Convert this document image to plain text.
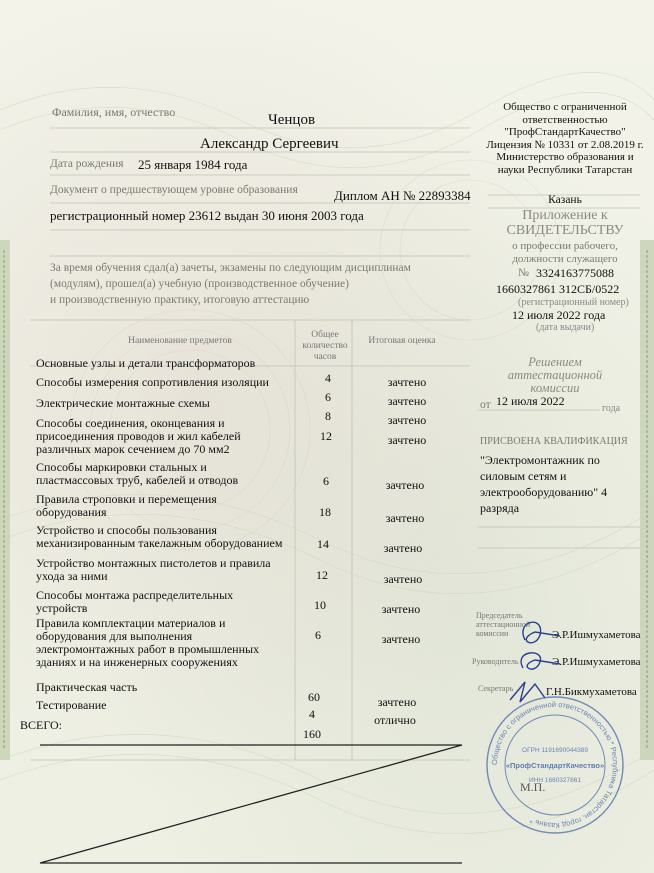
Фамилия, имя, отчество	Ченцов
Александр Сергеевич
Дата рождения 25 января 1984 года
Документ о предшествующем уровне образования	Диплом АН № 22893384
регистрационный номер 23612 выдан 30 июня 2003 года
За время обучения сдал(а) зачеты, экзамены по следующим дисциплинам
(модулям), прошел(а) учебную (производственное обучение)
и производственную практику, итоговую аттестацию
Наименование предметов
Общее количество часов
Итоговая оценка
Основные узлы и детали трансформаторов
4	зачтено
Способы измерения сопротивления изоляции
6	зачтено
Электрические монтажные схемы
8	зачтено
Способы соединения, оконцевания и
присоединения проводов и жил кабелей
различных марок сечением до 70 мм2
12	зачтено
Способы маркировки стальных и
пластмассовых труб, кабелей и отводов	6	зачтено
Правила строповки и перемещения
оборудования	18	зачтено
Устройство и способы пользования
механизированным такелажным оборудованием	14	зачтено
Устройство монтажных пистолетов и правила
ухода за ними	12	зачтено
Способы монтажа распределительных
устройств	10	зачтено
Правила комплектации материалов и
оборудования для выполнения
электромонтажных работ в промышленных
зданиях и на инженерных сооружениях
6	зачтено
Практическая часть
60	зачтено
Тестирование
4	отлично
ВСЕГО:
160
Общество с ограниченной
ответственностью
"ПрофСтандартКачество"
Лицензия № 10331 от 2.08.2019 г.
Министерство образования и
науки Республики Татарстан
Казань
Приложение к
СВИДЕТЕЛЬСТВУ
о профессии рабочего,
должности служащего
№ 3324163775088
1660327861 312СБ/0522
(регистрационный номер)
12 июля 2022 года
(дата выдачи)
Решением
аттестационной
комиссии
от 12 июля 2022
года
ПРИСВОЕНА КВАЛИФИКАЦИЯ
"Электромонтажник по
силовым сетям и
электрооборудованию" 4
разряда
Председатель
аттестационной
комиссии	Э.Р.Ишмухаметова
Руководитель	Э.Р.Ишмухаметова
Секретарь	Г.Н.Бикмухаметова
Общество с ограниченной ответственностью * Республика Татарстан, город Казань *
ОГРН 1191690044389
«ПрофСтандартКачество»
ИНН 1660327861
М.П.
